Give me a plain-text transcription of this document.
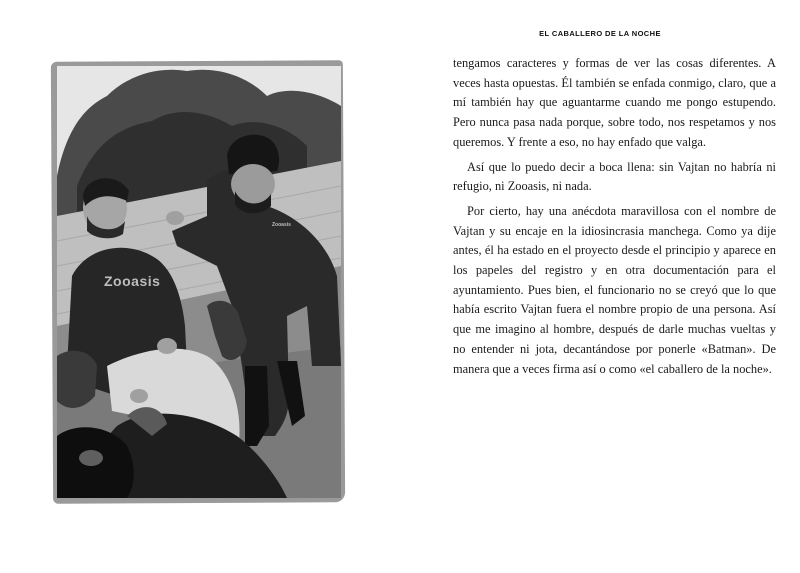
Zooasis
Zooasis
EL CABALLERO DE LA NOCHE

tengamos caracteres y formas de ver las cosas diferentes. A veces hasta opuestas. Él también se enfada conmigo, claro, que a mí también hay que aguantarme cuando me pongo estupendo. Pero nunca pasa nada porque, sobre todo, nos respetamos y nos queremos. Y frente a eso, no hay enfado que valga.

Así que lo puedo decir a boca llena: sin Vajtan no habría ni refugio, ni Zooasis, ni nada.

Por cierto, hay una anécdota maravillosa con el nombre de Vajtan y su encaje en la idiosincrasia manchega. Como ya dije antes, él ha estado en el proyecto desde el principio y aparece en los papeles del registro y en otra documentación para el ayuntamiento. Pues bien, el funcionario no se creyó que lo que había escrito Vajtan fuera el nombre propio de una persona. Así que me imagino al hombre, después de darle muchas vueltas y no entender ni jota, decantándose por ponerle «Batman». De manera que a veces firma así o como «el caballero de la noche».
